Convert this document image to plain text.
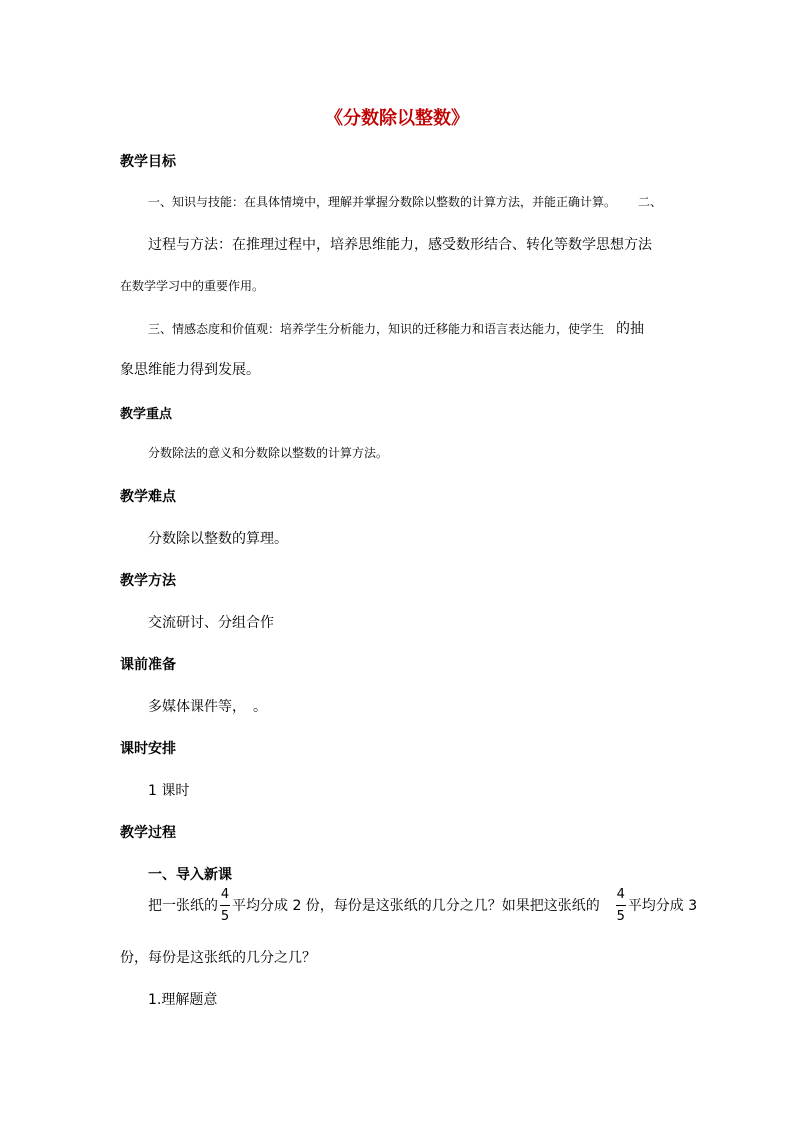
《分数除以整数》
教学目标
一、知识与技能：在具体情境中，理解并掌握分数除以整数的计算方法，并能正确计算。 二、
过程与方法：在推理过程中，培养思维能力，感受数形结合、转化等数学思想方法
在数学学习中的重要作用。
三、情感态度和价值观：培养学生分析能力，知识的迁移能力和语言表达能力，使学生 的抽
象思维能力得到发展。
教学重点
分数除法的意义和分数除以整数的计算方法。
教学难点
分数除以整数的算理。
教学方法
交流研讨、分组合作
课前准备
多媒体课件等，　。
课时安排
1 课时
教学过程
一、导入新课
把一张纸的 $\frac{4}{5}$ 平均分成 2 份，每份是这张纸的几分之几？如果把这张纸的 $\frac{4}{5}$ 平均分成 3
份，每份是这张纸的几分之几？
1.理解题意
